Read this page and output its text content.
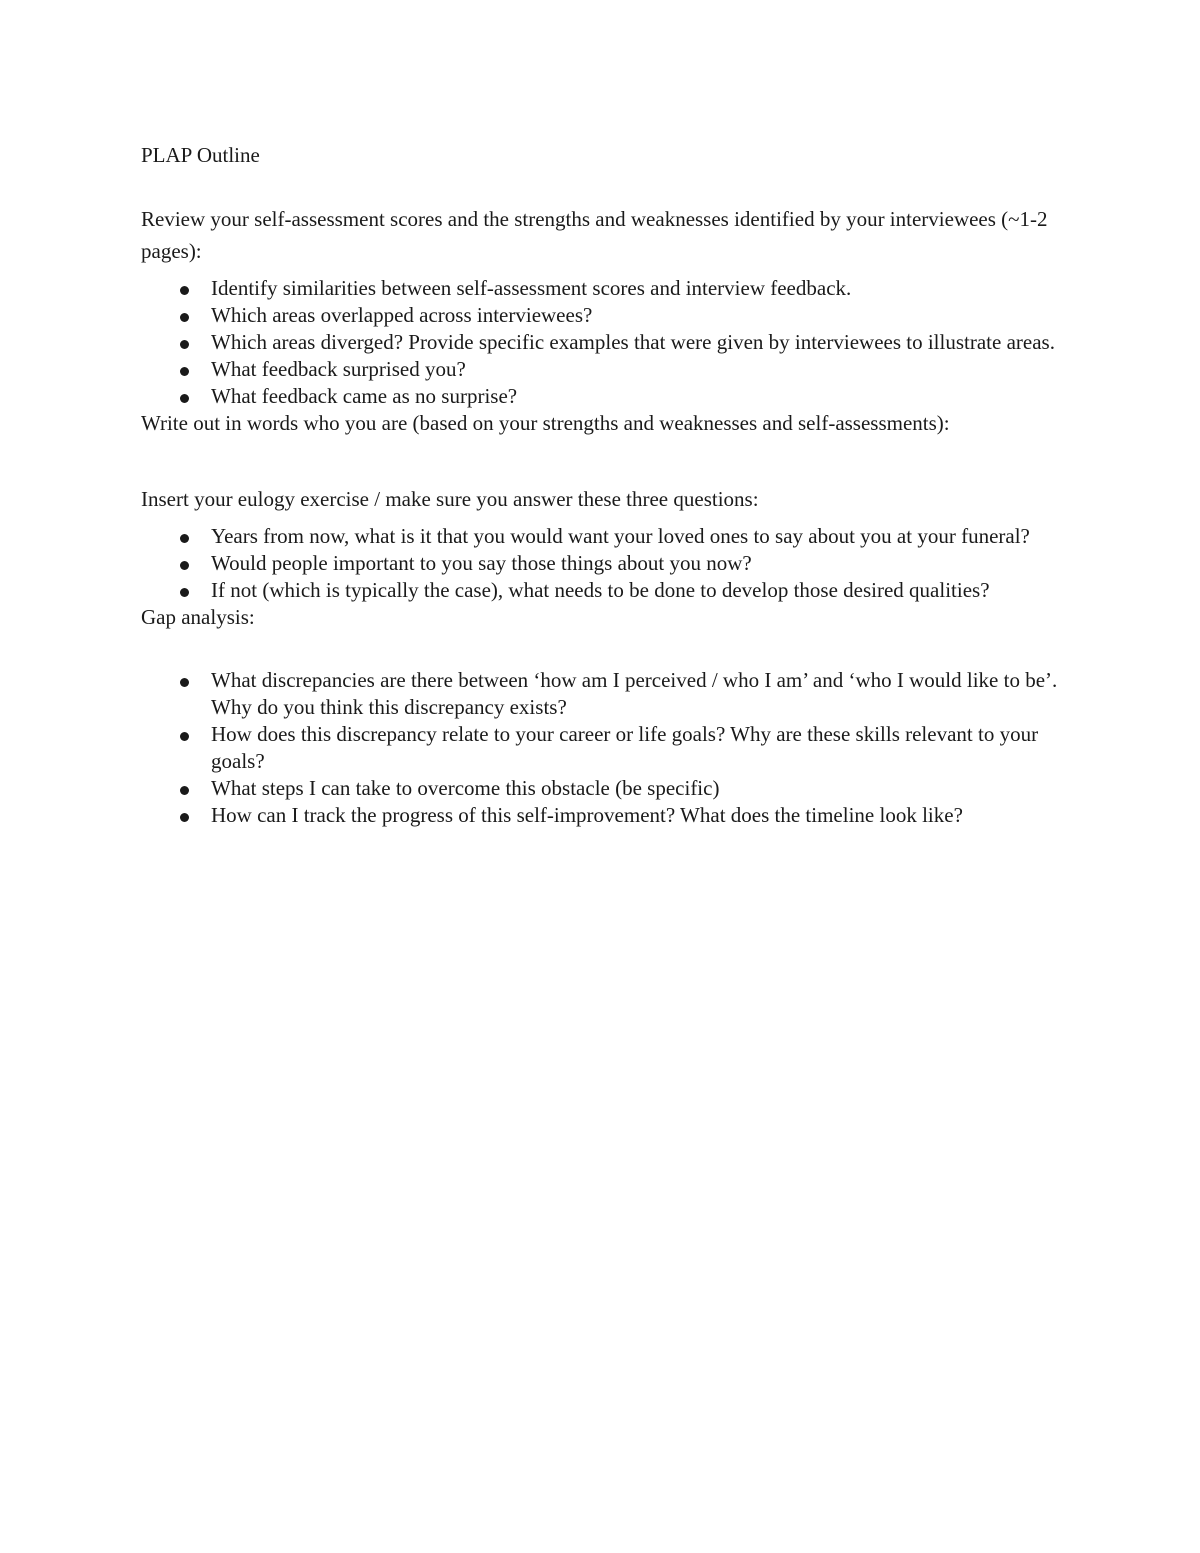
PLAP Outline

Review your self-assessment scores and the strengths and weaknesses identified by your interviewees (~1-2 pages):

Identify similarities between self-assessment scores and interview feedback.
Which areas overlapped across interviewees?
Which areas diverged? Provide specific examples that were given by interviewees to illustrate areas.
What feedback surprised you?
What feedback came as no surprise?

Write out in words who you are (based on your strengths and weaknesses and self-assessments):

Insert your eulogy exercise / make sure you answer these three questions:

Years from now, what is it that you would want your loved ones to say about you at your funeral?
Would people important to you say those things about you now?
If not (which is typically the case), what needs to be done to develop those desired qualities?

Gap analysis:

What discrepancies are there between ‘how am I perceived / who I am’ and ‘who I would like to be’. Why do you think this discrepancy exists?
How does this discrepancy relate to your career or life goals? Why are these skills relevant to your goals?
What steps I can take to overcome this obstacle (be specific)
How can I track the progress of this self-improvement? What does the timeline look like?
